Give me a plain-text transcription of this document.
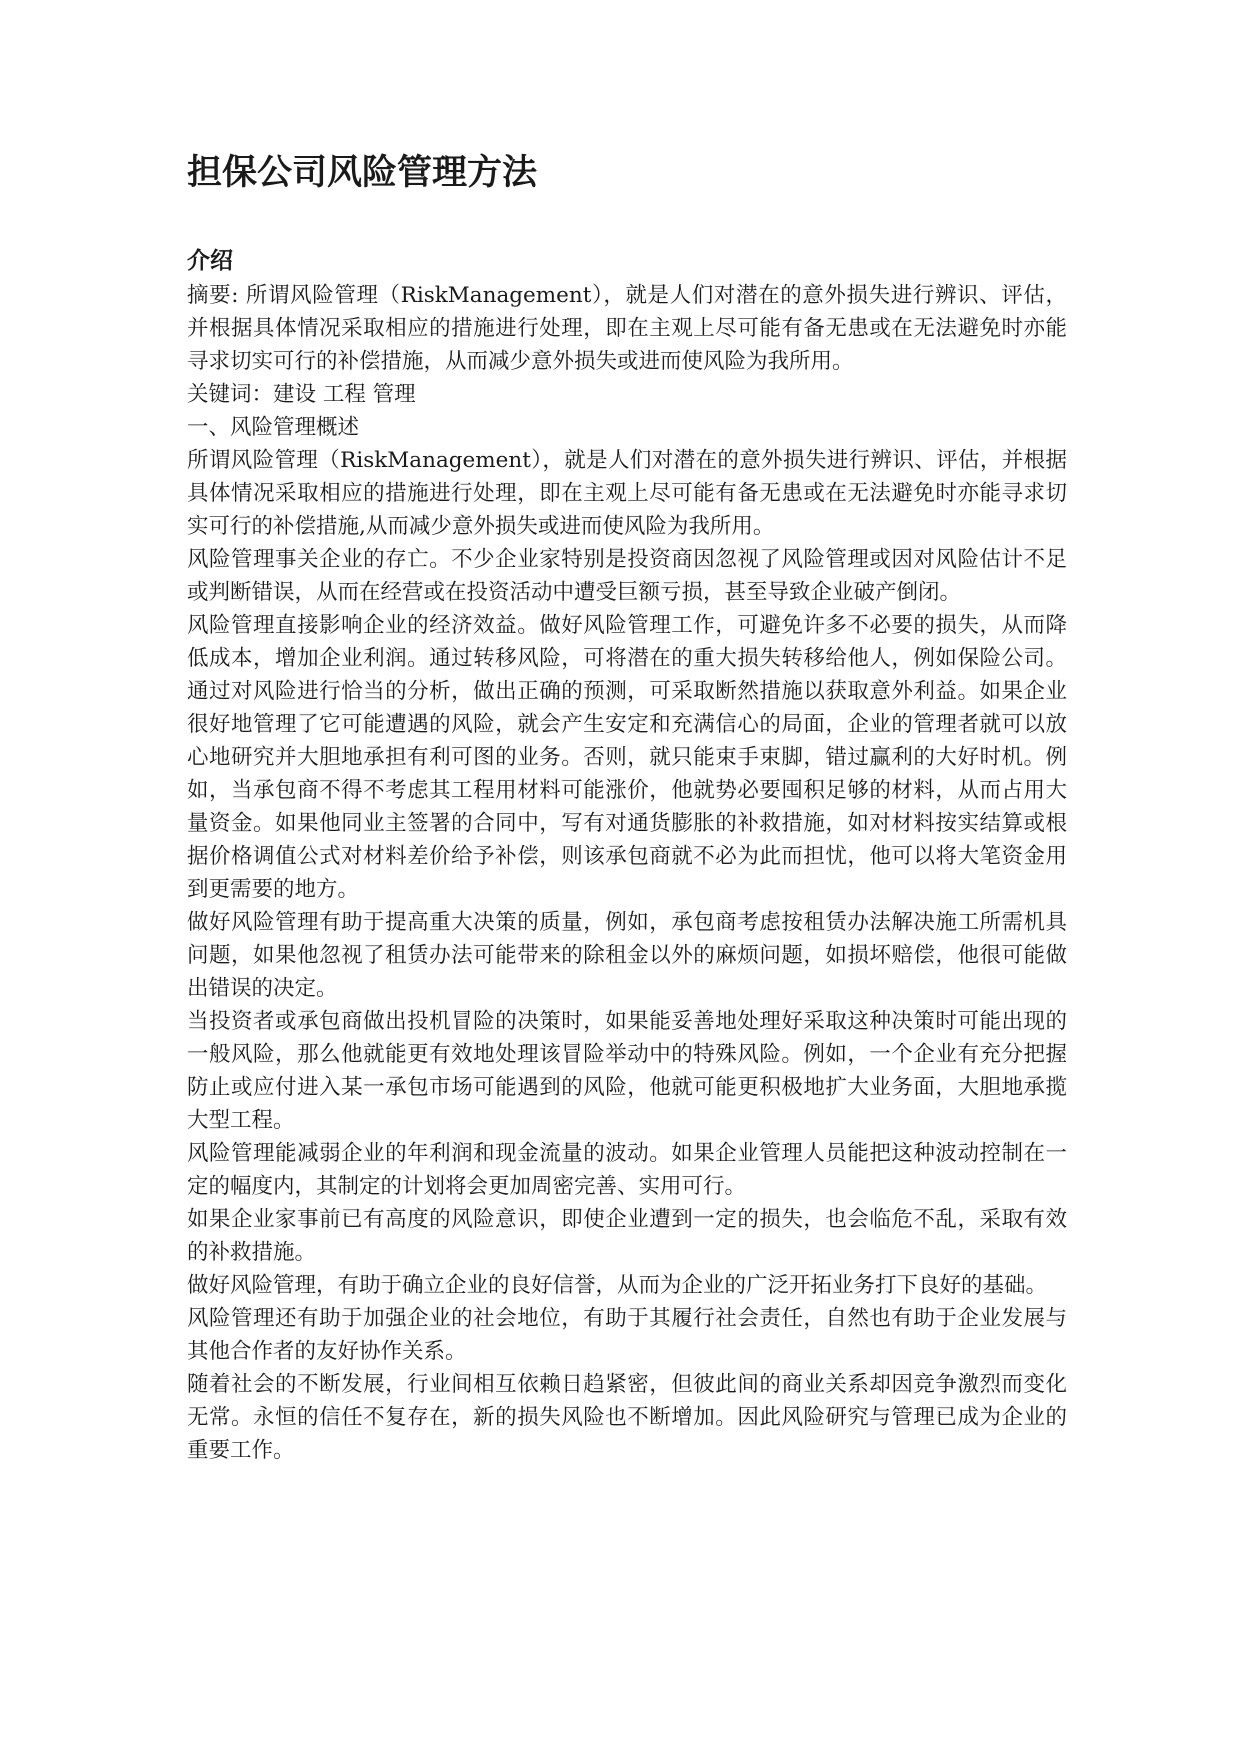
担保公司风险管理方法
介绍

摘要: 所谓风险管理（RiskManagement），就是人们对潜在的意外损失进行辨识、评估，并根据具体情况采取相应的措施进行处理，即在主观上尽可能有备无患或在无法避免时亦能寻求切实可行的补偿措施，从而减少意外损失或进而使风险为我所用。

关键词：建设 工程 管理

一、风险管理概述

所谓风险管理（RiskManagement），就是人们对潜在的意外损失进行辨识、评估，并根据具体情况采取相应的措施进行处理，即在主观上尽可能有备无患或在无法避免时亦能寻求切实可行的补偿措施,从而减少意外损失或进而使风险为我所用。

风险管理事关企业的存亡。不少企业家特别是投资商因忽视了风险管理或因对风险估计不足或判断错误，从而在经营或在投资活动中遭受巨额亏损，甚至导致企业破产倒闭。

风险管理直接影响企业的经济效益。做好风险管理工作，可避免许多不必要的损失，从而降低成本，增加企业利润。通过转移风险，可将潜在的重大损失转移给他人，例如保险公司。通过对风险进行恰当的分析，做出正确的预测，可采取断然措施以获取意外利益。如果企业很好地管理了它可能遭遇的风险，就会产生安定和充满信心的局面，企业的管理者就可以放心地研究并大胆地承担有利可图的业务。否则，就只能束手束脚，错过赢利的大好时机。例如，当承包商不得不考虑其工程用材料可能涨价，他就势必要囤积足够的材料，从而占用大量资金。如果他同业主签署的合同中，写有对通货膨胀的补救措施，如对材料按实结算或根据价格调值公式对材料差价给予补偿，则该承包商就不必为此而担忧，他可以将大笔资金用到更需要的地方。

做好风险管理有助于提高重大决策的质量，例如，承包商考虑按租赁办法解决施工所需机具问题，如果他忽视了租赁办法可能带来的除租金以外的麻烦问题，如损坏赔偿，他很可能做出错误的决定。

当投资者或承包商做出投机冒险的决策时，如果能妥善地处理好采取这种决策时可能出现的一般风险，那么他就能更有效地处理该冒险举动中的特殊风险。例如，一个企业有充分把握防止或应付进入某一承包市场可能遇到的风险，他就可能更积极地扩大业务面，大胆地承揽大型工程。

风险管理能减弱企业的年利润和现金流量的波动。如果企业管理人员能把这种波动控制在一定的幅度内，其制定的计划将会更加周密完善、实用可行。

如果企业家事前已有高度的风险意识，即使企业遭到一定的损失，也会临危不乱，采取有效的补救措施。

做好风险管理，有助于确立企业的良好信誉，从而为企业的广泛开拓业务打下良好的基础。

风险管理还有助于加强企业的社会地位，有助于其履行社会责任，自然也有助于企业发展与其他合作者的友好协作关系。

随着社会的不断发展，行业间相互依赖日趋紧密，但彼此间的商业关系却因竞争激烈而变化无常。永恒的信任不复存在，新的损失风险也不断增加。因此风险研究与管理已成为企业的重要工作。
